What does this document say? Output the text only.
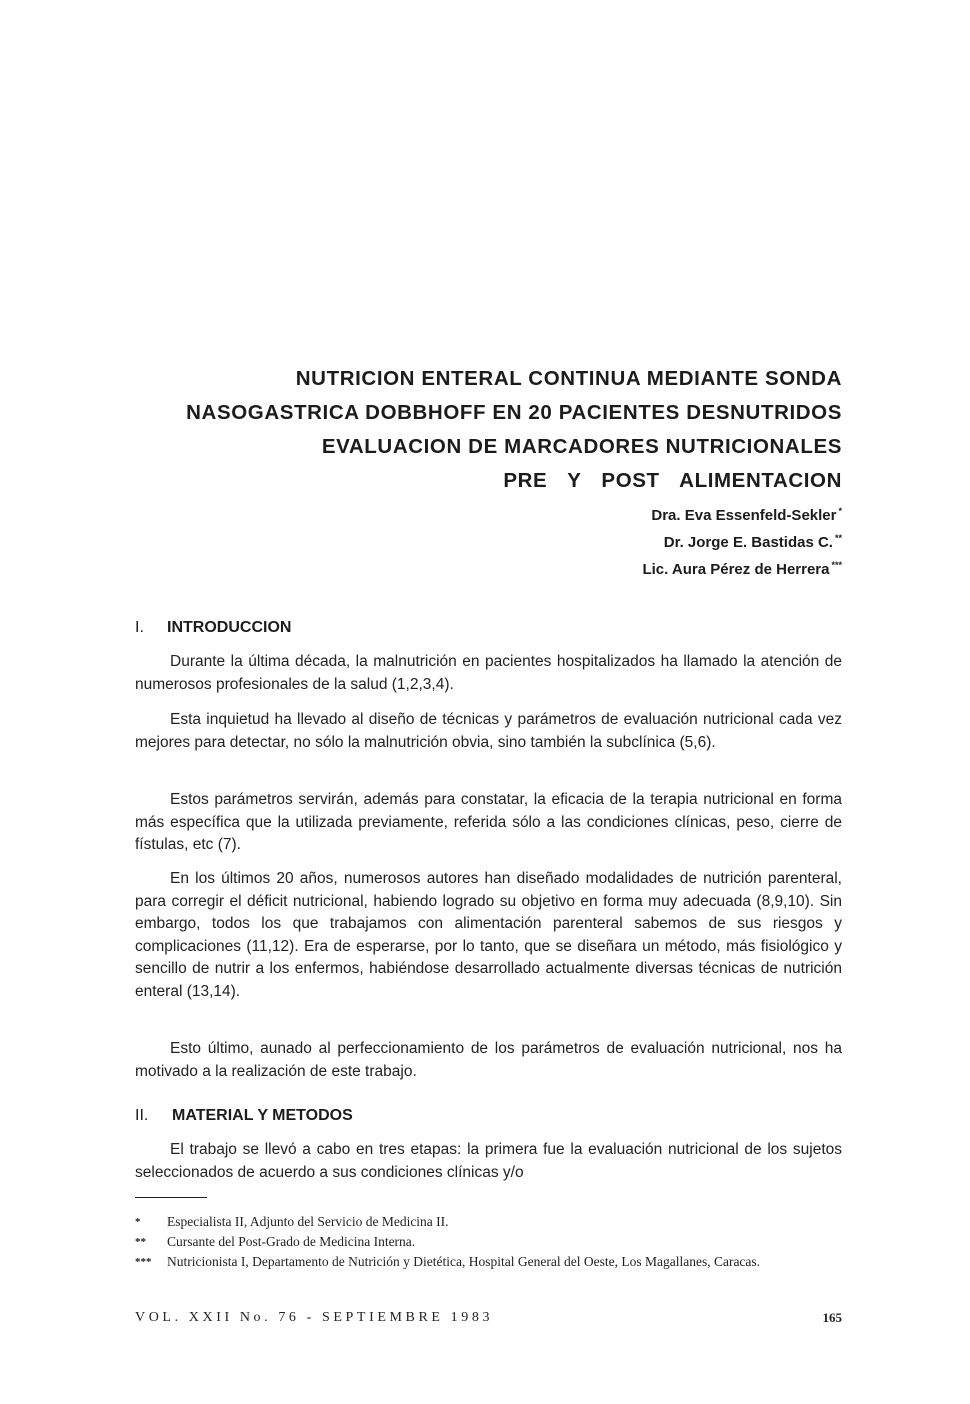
NUTRICION ENTERAL CONTINUA MEDIANTE SONDA
NASOGASTRICA DOBBHOFF EN 20 PACIENTES DESNUTRIDOS
EVALUACION DE MARCADORES NUTRICIONALES
PRE Y POST ALIMENTACION
Dra. Eva Essenfeld-Sekler *
Dr. Jorge E. Bastidas C. **
Lic. Aura Pérez de Herrera ***
I. INTRODUCCION

Durante la última década, la malnutrición en pacientes hospitalizados ha llamado la atención de numerosos profesionales de la salud (1,2,3,4).

Esta inquietud ha llevado al diseño de técnicas y parámetros de evaluación nutricional cada vez mejores para detectar, no sólo la malnutrición obvia, sino también la subclínica (5,6).

Estos parámetros servirán, además para constatar, la eficacia de la terapia nutricional en forma más específica que la utilizada previamente, referida sólo a las condiciones clínicas, peso, cierre de fístulas, etc (7).

En los últimos 20 años, numerosos autores han diseñado modalidades de nutrición parenteral, para corregir el déficit nutricional, habiendo logrado su objetivo en forma muy adecuada (8,9,10). Sin embargo, todos los que trabajamos con alimentación parenteral sabemos de sus riesgos y complicaciones (11,12). Era de esperarse, por lo tanto, que se diseñara un método, más fisiológico y sencillo de nutrir a los enfermos, habiéndose desarrollado actualmente diversas técnicas de nutrición enteral (13,14).

Esto último, aunado al perfeccionamiento de los parámetros de evaluación nutricional, nos ha motivado a la realización de este trabajo.

II. MATERIAL Y METODOS

El trabajo se llevó a cabo en tres etapas: la primera fue la evaluación nutricional de los sujetos seleccionados de acuerdo a sus condiciones clínicas y/o

*	Especialista II, Adjunto del Servicio de Medicina II.
**	Cursante del Post-Grado de Medicina Interna.
***	Nutricionista I, Departamento de Nutrición y Dietética, Hospital General del Oeste, Los Magallanes, Caracas.
VOL. XXII No. 76 - SEPTIEMBRE 1983	165
